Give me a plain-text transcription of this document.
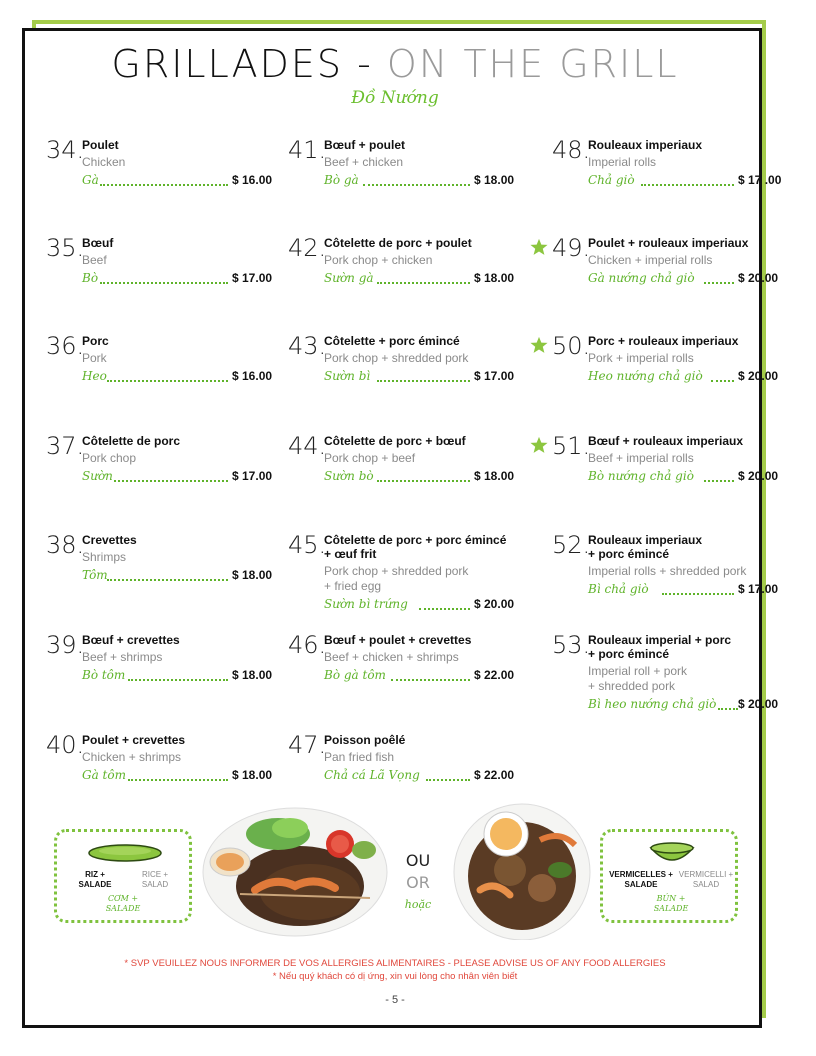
GRILLADES - ON THE GRILL
Đồ Nướng
34.
Poulet
Chicken
Gà	$ 16.00
35.
Bœuf
Beef
Bò	$ 17.00
36.
Porc
Pork
Heo	$ 16.00
37.
Côtelette de porc
Pork chop
Sườn	$ 17.00
38.
Crevettes
Shrimps
Tôm	$ 18.00
39.
Bœuf + crevettes
Beef + shrimps
Bò tôm	$ 18.00
40.
Poulet + crevettes
Chicken + shrimps
Gà tôm	$ 18.00
41.
Bœuf + poulet
Beef + chicken
Bò gà	$ 18.00
42.
Côtelette de porc + poulet
Pork chop + chicken
Sườn gà	$ 18.00
43.
Côtelette + porc émincé
Pork chop + shredded pork
Sườn bì	$ 17.00
44.
Côtelette de porc + bœuf
Pork chop + beef
Sườn bò	$ 18.00
45.
Côtelette de porc + porc émincé
+ œuf frit
Pork chop + shredded pork
+ fried egg
Sườn bì trứng	$ 20.00
46.
Bœuf + poulet + crevettes
Beef + chicken + shrimps
Bò gà tôm	$ 22.00
47.
Poisson poêlé
Pan fried fish
Chả cá Lã Vọng	$ 22.00
48.
Rouleaux imperiaux
Imperial rolls
Chả giò	$ 17 .00
49.
Poulet + rouleaux imperiaux
Chicken + imperial rolls
Gà nướng chả giò	$ 20.00
50.
Porc + rouleaux imperiaux
Pork + imperial rolls
Heo nướng chả giò	$ 20.00
51.
Bœuf + rouleaux imperiaux
Beef + imperial rolls
Bò nướng chả giò	$ 20.00
52.
Rouleaux imperiaux
+ porc émincé
Imperial rolls + shredded pork
Bì chả giò	$ 17.00
53.
Rouleaux imperial + porc
+ porc émincé
Imperial roll + pork
+ shredded pork
Bì heo nướng chả giò $ 20.00
RIZ +
SALADE
RICE +
SALAD
CƠM +
SALADE
OU
OR
hoặc
VERMICELLES +
SALADE
VERMICELLI +
SALAD
BÚN +
SALADE
* SVP VEUILLEZ NOUS INFORMER DE VOS ALLERGIES ALIMENTAIRES - PLEASE ADVISE US OF ANY FOOD ALLERGIES
* Nếu quý khách có dị ứng, xin vui lòng cho nhân viên biết
- 5 -
